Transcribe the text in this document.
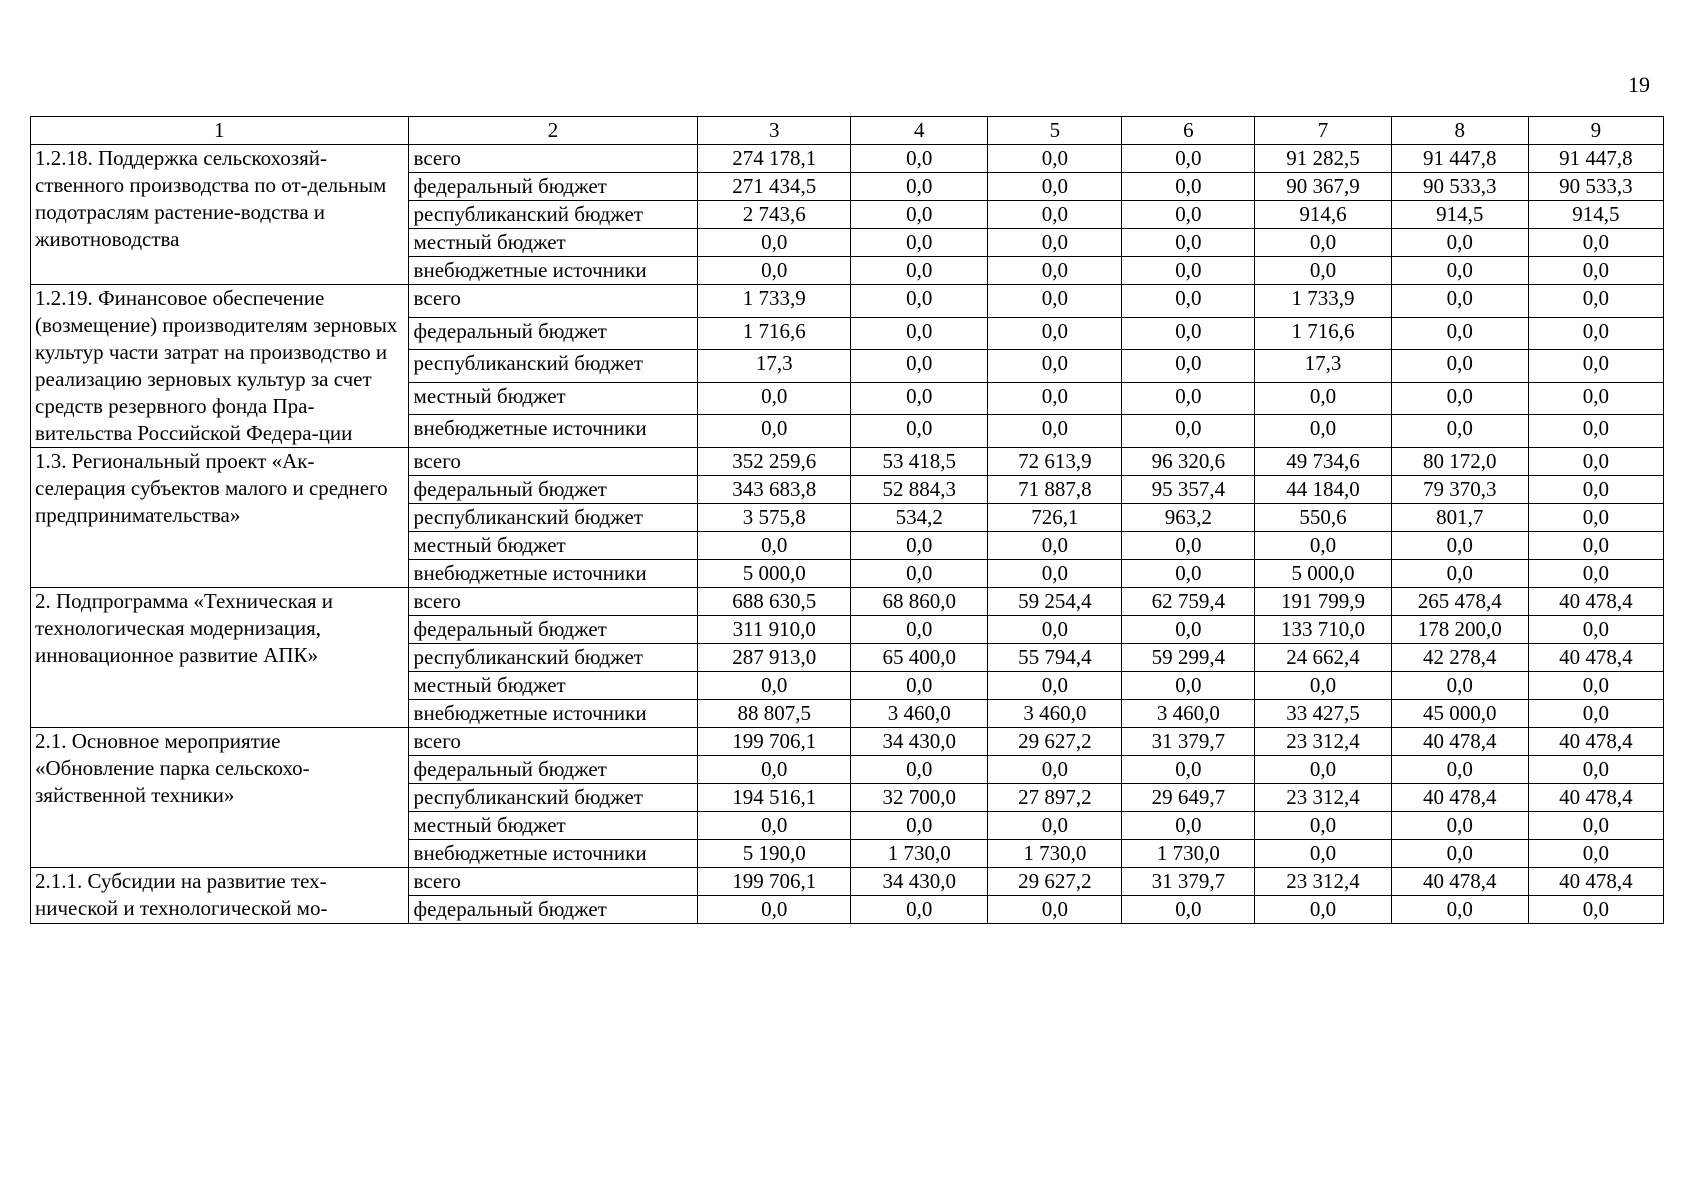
19
1	2	3	4	5	6	7	8	9
1.2.18. Поддержка сельскохозяй-ственного производства по от-дельным подотраслям растение-водства и животноводства	всего	274 178,1	0,0	0,0	0,0	91 282,5	91 447,8	91 447,8
	федеральный бюджет	271 434,5	0,0	0,0	0,0	90 367,9	90 533,3	90 533,3
	республиканский бюджет	2 743,6	0,0	0,0	0,0	914,6	914,5	914,5
	местный бюджет	0,0	0,0	0,0	0,0	0,0	0,0	0,0
	внебюджетные источники	0,0	0,0	0,0	0,0	0,0	0,0	0,0
1.2.19. Финансовое обеспечение (возмещение) производителям зерновых культур части затрат на производство и реализацию зерновых культур за счет средств резервного фонда Пра-вительства Российской Федера-ции	всего	1 733,9	0,0	0,0	0,0	1 733,9	0,0	0,0
	федеральный бюджет	1 716,6	0,0	0,0	0,0	1 716,6	0,0	0,0
	республиканский бюджет	17,3	0,0	0,0	0,0	17,3	0,0	0,0
	местный бюджет	0,0	0,0	0,0	0,0	0,0	0,0	0,0
	внебюджетные источники	0,0	0,0	0,0	0,0	0,0	0,0	0,0
1.3. Региональный проект «Ак-селерация субъектов малого и среднего предпринимательства»	всего	352 259,6	53 418,5	72 613,9	96 320,6	49 734,6	80 172,0	0,0
	федеральный бюджет	343 683,8	52 884,3	71 887,8	95 357,4	44 184,0	79 370,3	0,0
	республиканский бюджет	3 575,8	534,2	726,1	963,2	550,6	801,7	0,0
	местный бюджет	0,0	0,0	0,0	0,0	0,0	0,0	0,0
	внебюджетные источники	5 000,0	0,0	0,0	0,0	5 000,0	0,0	0,0
2. Подпрограмма «Техническая и технологическая модернизация, инновационное развитие АПК»	всего	688 630,5	68 860,0	59 254,4	62 759,4	191 799,9	265 478,4	40 478,4
	федеральный бюджет	311 910,0	0,0	0,0	0,0	133 710,0	178 200,0	0,0
	республиканский бюджет	287 913,0	65 400,0	55 794,4	59 299,4	24 662,4	42 278,4	40 478,4
	местный бюджет	0,0	0,0	0,0	0,0	0,0	0,0	0,0
	внебюджетные источники	88 807,5	3 460,0	3 460,0	3 460,0	33 427,5	45 000,0	0,0
2.1. Основное мероприятие «Обновление парка сельскохо-зяйственной техники»	всего	199 706,1	34 430,0	29 627,2	31 379,7	23 312,4	40 478,4	40 478,4
	федеральный бюджет	0,0	0,0	0,0	0,0	0,0	0,0	0,0
	республиканский бюджет	194 516,1	32 700,0	27 897,2	29 649,7	23 312,4	40 478,4	40 478,4
	местный бюджет	0,0	0,0	0,0	0,0	0,0	0,0	0,0
	внебюджетные источники	5 190,0	1 730,0	1 730,0	1 730,0	0,0	0,0	0,0
2.1.1. Субсидии на развитие тех-нической и технологической мо-	всего	199 706,1	34 430,0	29 627,2	31 379,7	23 312,4	40 478,4	40 478,4
	федеральный бюджет	0,0	0,0	0,0	0,0	0,0	0,0	0,0
